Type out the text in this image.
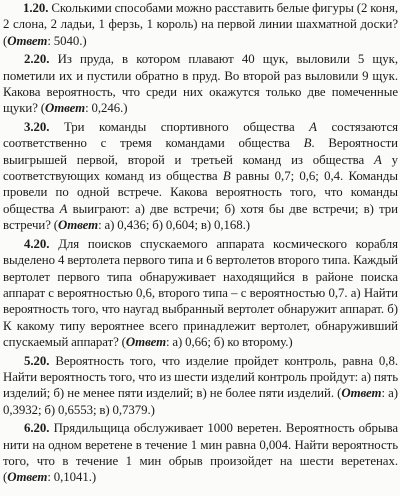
1.20. Сколькими способами можно расставить белые фигуры (2 коня, 2 слона, 2 ладьи, 1 ферзь, 1 король) на первой линии шахматной доски? (Ответ: 5040.)

2.20. Из пруда, в котором плавают 40 щук, выловили 5 щук, пометили их и пустили обратно в пруд. Во второй раз выловили 9 щук. Какова вероятность, что среди них окажутся только две помеченные щуки? (Ответ: 0,246.)

3.20. Три команды спортивного общества A состязаются соответственно с тремя командами общества B. Вероятности выигрышей первой, второй и третьей команд из общества A у соответствующих команд из общества B равны 0,7; 0,6; 0,4. Команды провели по одной встрече. Какова вероятность того, что команды общества A выиграют: а) две встречи; б) хотя бы две встречи; в) три встречи? (Ответ: а) 0,436; б) 0,604; в) 0,168.)

4.20. Для поисков спускаемого аппарата космического корабля выделено 4 вертолета первого типа и 6 вертолетов второго типа. Каждый вертолет первого типа обнаруживает находящийся в районе поиска аппарат с вероятностью 0,6, второго типа – с вероятностью 0,7. а) Найти вероятность того, что наугад выбранный вертолет обнаружит аппарат. б) К какому типу вероятнее всего принадлежит вертолет, обнаруживший спускаемый аппарат? (Ответ: а) 0,66; б) ко второму.)

5.20. Вероятность того, что изделие пройдет контроль, равна 0,8. Найти вероятность того, что из шести изделий контроль пройдут: а) пять изделий; б) не менее пяти изделий; в) не более пяти изделий. (Ответ: а) 0,3932; б) 0,6553; в) 0,7379.)

6.20. Прядильщица обслуживает 1000 веретен. Вероятность обрыва нити на одном веретене в течение 1 мин равна 0,004. Найти вероятность того, что в течение 1 мин обрыв произойдет на шести веретенах. (Ответ: 0,1041.)
